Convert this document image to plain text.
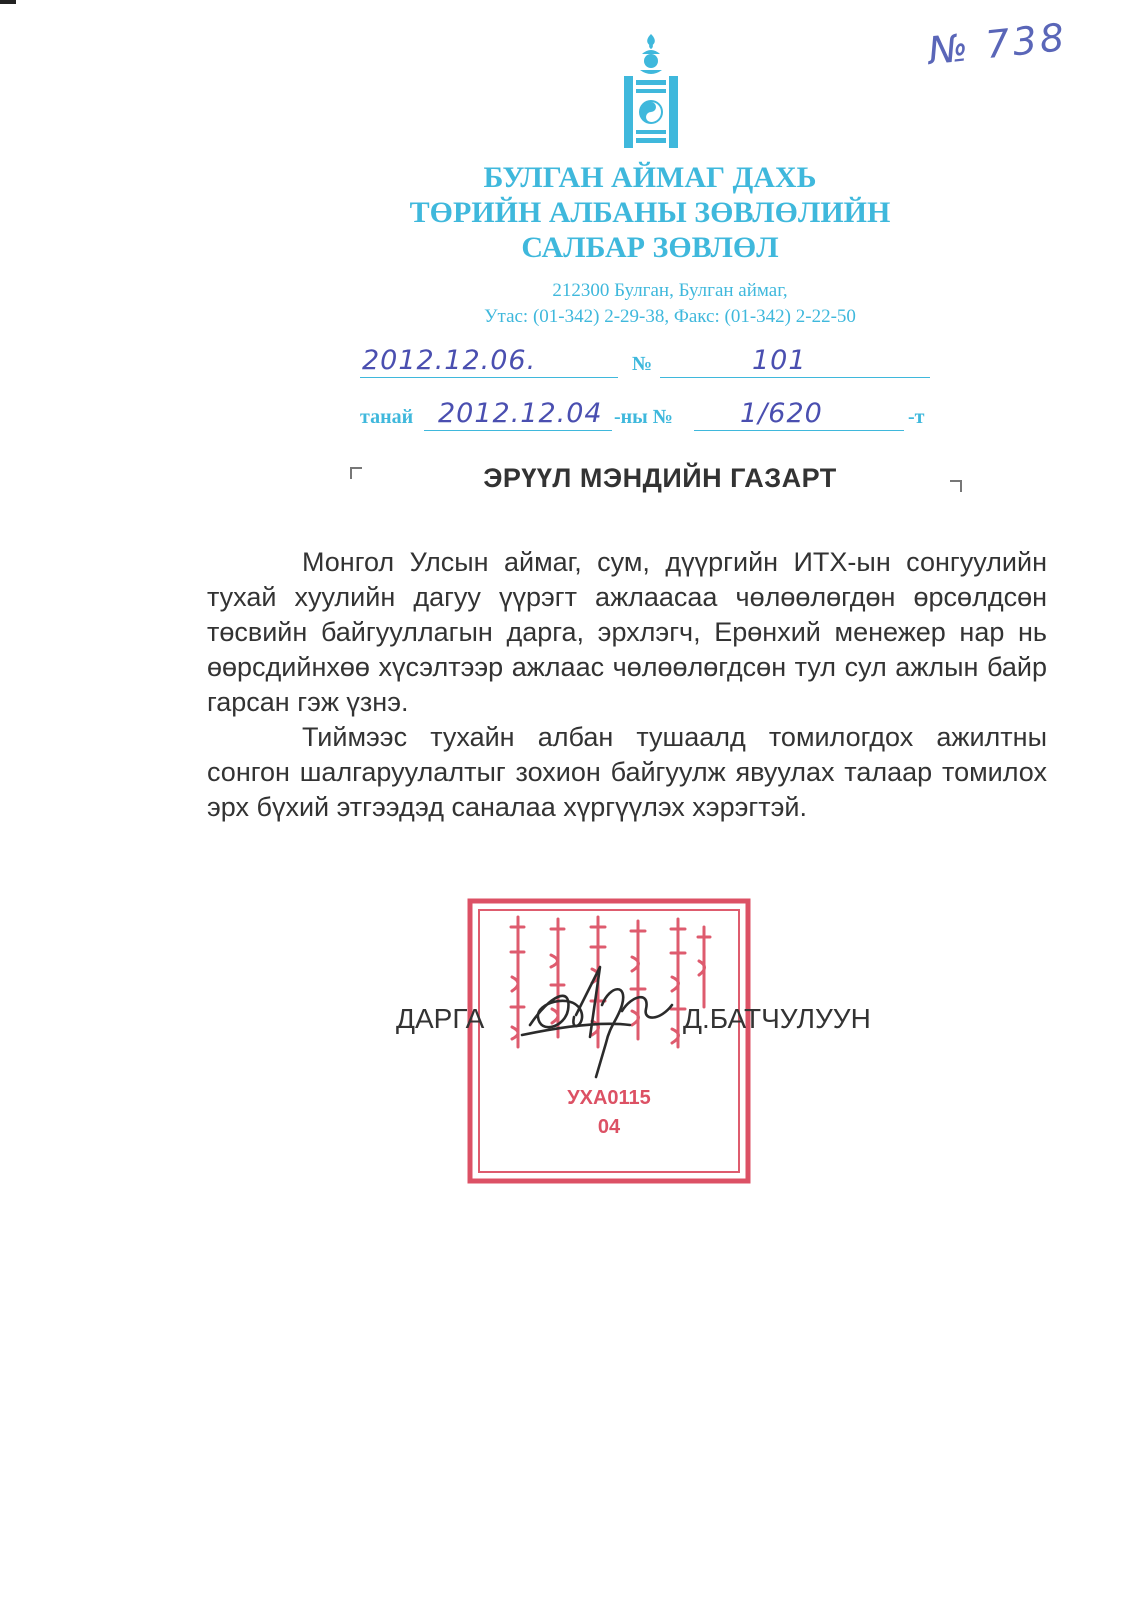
№ 738
БУЛГАН АЙМАГ ДАХЬ
ТӨРИЙН АЛБАНЫ ЗӨВЛӨЛИЙН
САЛБАР ЗӨВЛӨЛ
212300 Булган, Булган аймаг,
Утас: (01-342) 2-29-38, Факс: (01-342) 2-22-50
2012.12.06.	№	101
танай 2012.12.04 -ны № 1/620	-т
ЭРҮҮЛ МЭНДИЙН ГАЗАРТ

Монгол Улсын аймаг, сум, дүүргийн ИТХ-ын сонгуулийн тухай хуулийн дагуу үүрэгт ажлаасаа чөлөөлөгдөн өрсөлдсөн төсвийн байгууллагын дарга, эрхлэгч, Ерөнхий менежер нар нь өөрсдийнхөө хүсэлтээр ажлаас чөлөөлөгдсөн тул сул ажлын байр гарсан гэж үзнэ.

Тиймээс тухайн албан тушаалд томилогдох ажилтны сонгон шалгаруулалтыг зохион байгуулж явуулах талаар томилох эрх бүхий этгээдэд саналаа хүргүүлэх хэрэгтэй.

УХА0115
04
ДАРГА	Д.БАТЧУЛУУН
